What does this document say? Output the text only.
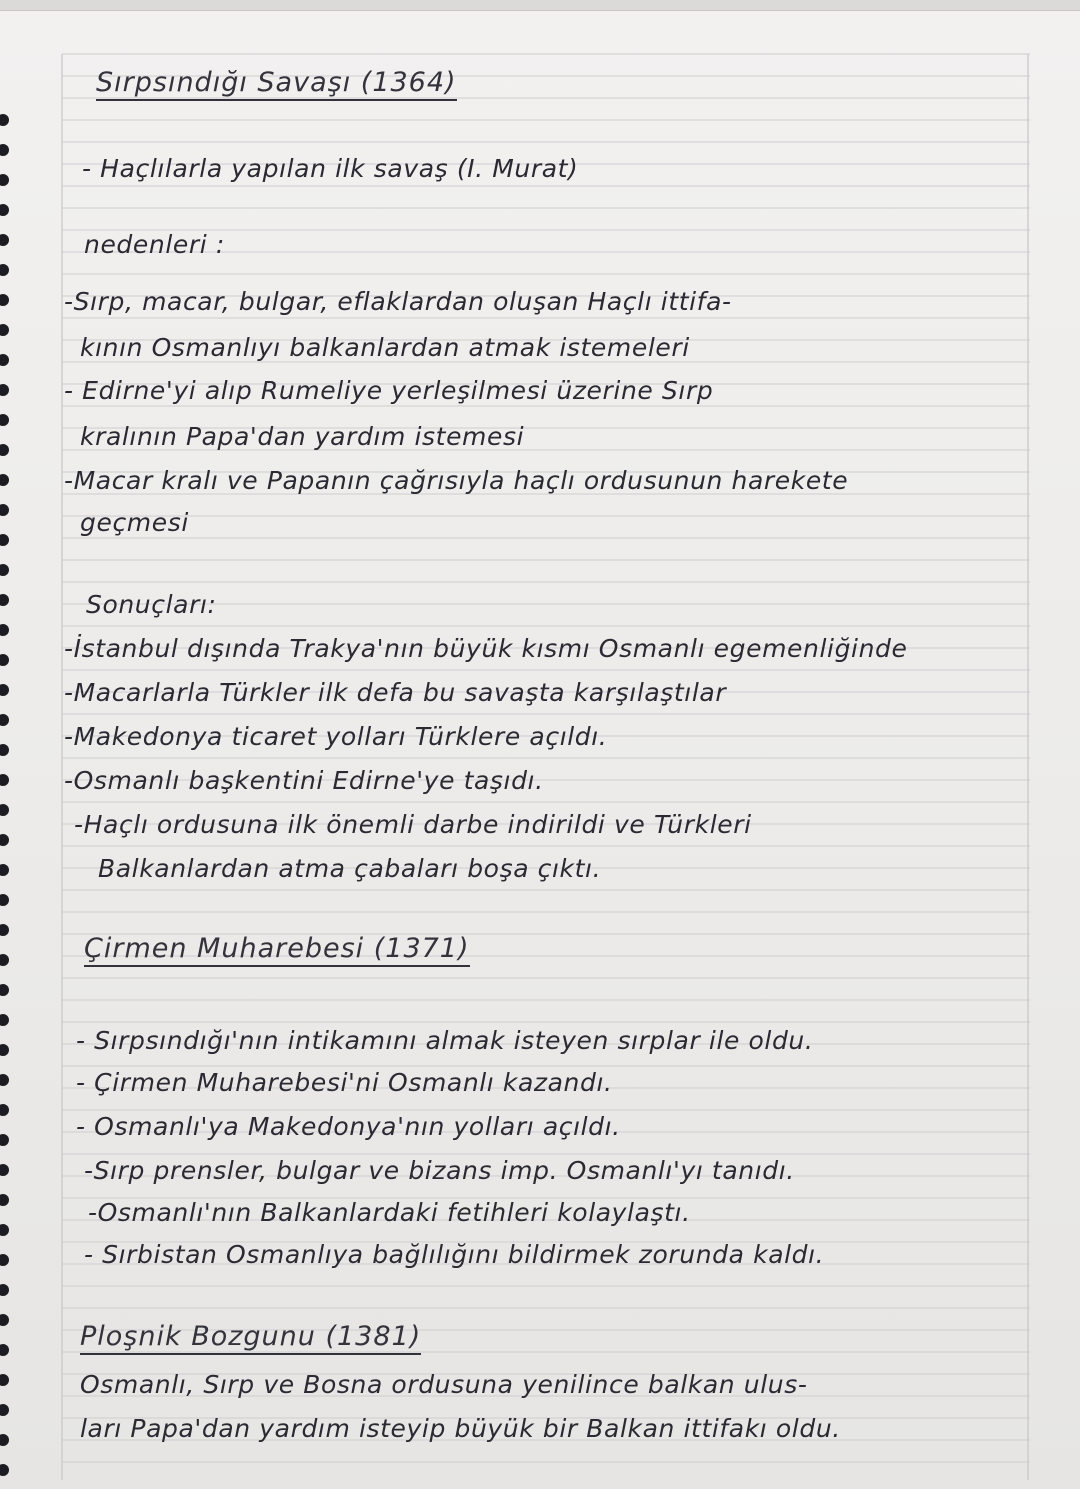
Sırpsındığı Savaşı (1364)
- Haçlılarla yapılan ilk savaş (I. Murat)
nedenleri :
-Sırp, macar, bulgar, eflaklardan oluşan Haçlı ittifa-
kının Osmanlıyı balkanlardan atmak istemeleri
- Edirne'yi alıp Rumeliye yerleşilmesi üzerine Sırp
kralının Papa'dan yardım istemesi
-Macar kralı ve Papanın çağrısıyla haçlı ordusunun harekete
geçmesi
Sonuçları:
-İstanbul dışında Trakya'nın büyük kısmı Osmanlı egemenliğinde
-Macarlarla Türkler ilk defa bu savaşta karşılaştılar
-Makedonya ticaret yolları Türklere açıldı.
-Osmanlı başkentini Edirne'ye taşıdı.
-Haçlı ordusuna ilk önemli darbe indirildi ve Türkleri
Balkanlardan atma çabaları boşa çıktı.
Çirmen Muharebesi (1371)
- Sırpsındığı'nın intikamını almak isteyen sırplar ile oldu.
- Çirmen Muharebesi'ni Osmanlı kazandı.
- Osmanlı'ya Makedonya'nın yolları açıldı.
-Sırp prensler, bulgar ve bizans imp. Osmanlı'yı tanıdı.
-Osmanlı'nın Balkanlardaki fetihleri kolaylaştı.
- Sırbistan Osmanlıya bağlılığını bildirmek zorunda kaldı.
Ploşnik Bozgunu (1381)
Osmanlı, Sırp ve Bosna ordusuna yenilince balkan ulus-
ları Papa'dan yardım isteyip büyük bir Balkan ittifakı oldu.
